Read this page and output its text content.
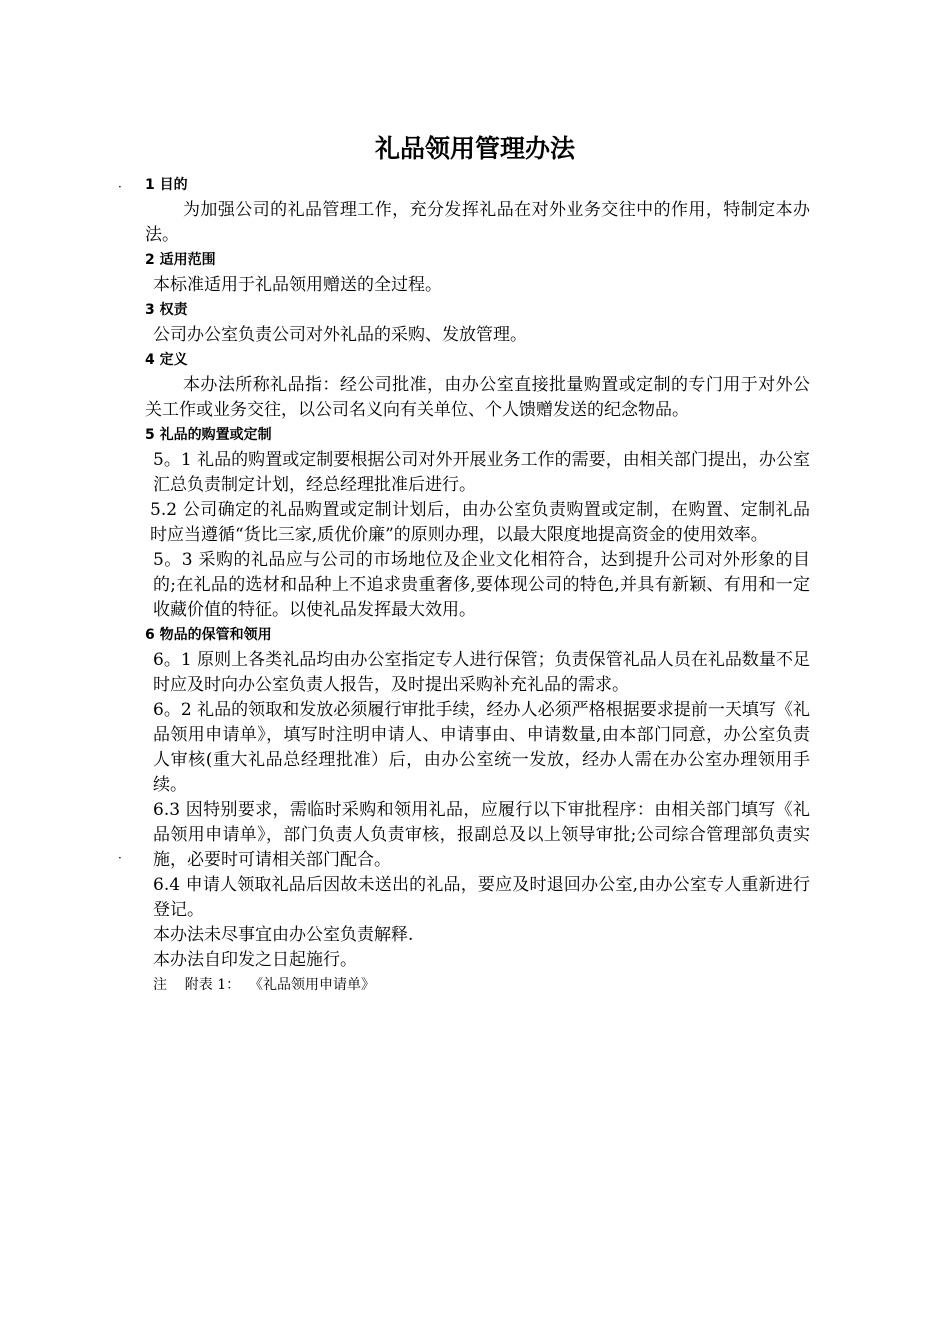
·
·
礼品领用管理办法

1 目的

为加强公司的礼品管理工作，充分发挥礼品在对外业务交往中的作用，特制定本办法。

2 适用范围

本标准适用于礼品领用赠送的全过程。

3 权责

公司办公室负责公司对外礼品的采购、发放管理。

4 定义

本办法所称礼品指：经公司批准，由办公室直接批量购置或定制的专门用于对外公关工作或业务交往，以公司名义向有关单位、个人馈赠发送的纪念物品。

5 礼品的购置或定制

5。1 礼品的购置或定制要根据公司对外开展业务工作的需要，由相关部门提出，办公室汇总负责制定计划，经总经理批准后进行。

5.2 公司确定的礼品购置或定制计划后，由办公室负责购置或定制，在购置、定制礼品时应当遵循“货比三家,质优价廉”的原则办理，以最大限度地提高资金的使用效率。

5。3 采购的礼品应与公司的市场地位及企业文化相符合，达到提升公司对外形象的目的;在礼品的选材和品种上不追求贵重奢侈,要体现公司的特色,并具有新颖、有用和一定收藏价值的特征。以使礼品发挥最大效用。

6 物品的保管和领用

6。1 原则上各类礼品均由办公室指定专人进行保管；负责保管礼品人员在礼品数量不足时应及时向办公室负责人报告，及时提出采购补充礼品的需求。

6。2 礼品的领取和发放必须履行审批手续，经办人必须严格根据要求提前一天填写《礼品领用申请单》，填写时注明申请人、申请事由、申请数量,由本部门同意，办公室负责人审核(重大礼品总经理批准）后，由办公室统一发放，经办人需在办公室办理领用手续。

6.3 因特别要求，需临时采购和领用礼品，应履行以下审批程序：由相关部门填写《礼品领用申请单》，部门负责人负责审核，报副总及以上领导审批;公司综合管理部负责实施，必要时可请相关部门配合。

6.4 申请人领取礼品后因故未送出的礼品，要应及时退回办公室,由办公室专人重新进行登记。

本办法未尽事宜由办公室负责解释.

本办法自印发之日起施行。

注    附表 1：  《礼品领用申请单》
